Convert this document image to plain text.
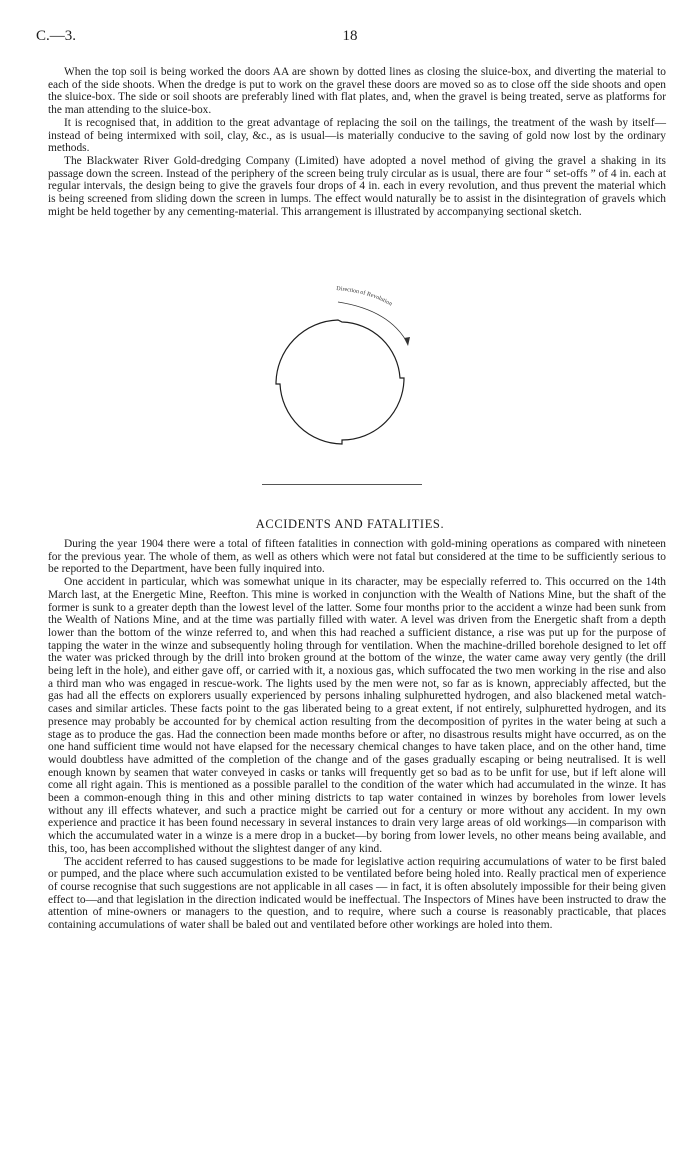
C.—3.	18

When the top soil is being worked the doors AA are shown by dotted lines as closing the sluice-box, and diverting the material to each of the side shoots. When the dredge is put to work on the gravel these doors are moved so as to close off the side shoots and open the sluice-box. The side or soil shoots are preferably lined with flat plates, and, when the gravel is being treated, serve as platforms for the man attending to the sluice-box.

It is recognised that, in addition to the great advantage of replacing the soil on the tailings, the treatment of the wash by itself—instead of being intermixed with soil, clay, &c., as is usual—is materially conducive to the saving of gold now lost by the ordinary methods.

The Blackwater River Gold-dredging Company (Limited) have adopted a novel method of giving the gravel a shaking in its passage down the screen. Instead of the periphery of the screen being truly circular as is usual, there are four “ set-offs ” of 4 in. each at regular intervals, the design being to give the gravels four drops of 4 in. each in every revolution, and thus prevent the material which is being screened from sliding down the screen in lumps. The effect would naturally be to assist in the disintegration of gravels which might be held together by any cementing-material. This arrangement is illustrated by accompanying sectional sketch.

Direction of Revolution
ACCIDENTS AND FATALITIES.

During the year 1904 there were a total of fifteen fatalities in connection with gold-mining operations as compared with nineteen for the previous year. The whole of them, as well as others which were not fatal but considered at the time to be sufficiently serious to be reported to the Department, have been fully inquired into.

One accident in particular, which was somewhat unique in its character, may be especially referred to. This occurred on the 14th March last, at the Energetic Mine, Reefton. This mine is worked in conjunction with the Wealth of Nations Mine, but the shaft of the former is sunk to a greater depth than the lowest level of the latter. Some four months prior to the accident a winze had been sunk from the Wealth of Nations Mine, and at the time was partially filled with water. A level was driven from the Energetic shaft from a depth lower than the bottom of the winze referred to, and when this had reached a sufficient distance, a rise was put up for the purpose of tapping the water in the winze and subsequently holing through for ventilation. When the machine-drilled borehole designed to let off the water was pricked through by the drill into broken ground at the bottom of the winze, the water came away very gently (the drill being left in the hole), and either gave off, or carried with it, a noxious gas, which suffocated the two men working in the rise and also a third man who was engaged in rescue-work. The lights used by the men were not, so far as is known, appreciably affected, but the gas had all the effects on explorers usually experienced by persons inhaling sulphuretted hydrogen, and also blackened metal watch-cases and similar articles. These facts point to the gas liberated being to a great extent, if not entirely, sulphuretted hydrogen, and its presence may probably be accounted for by chemical action resulting from the decomposition of pyrites in the water being at such a stage as to produce the gas. Had the connection been made months before or after, no disastrous results might have occurred, as on the one hand sufficient time would not have elapsed for the necessary chemical changes to have taken place, and on the other hand, time would doubtless have admitted of the completion of the change and of the gases gradually escaping or being neutralised. It is well enough known by seamen that water conveyed in casks or tanks will frequently get so bad as to be unfit for use, but if left alone will come all right again. This is mentioned as a possible parallel to the condition of the water which had accumulated in the winze. It has been a common-enough thing in this and other mining districts to tap water contained in winzes by boreholes from lower levels without any ill effects whatever, and such a practice might be carried out for a century or more without any accident. In my own experience and practice it has been found necessary in several instances to drain very large areas of old workings—in comparison with which the accumulated water in a winze is a mere drop in a bucket—by boring from lower levels, no other means being available, and this, too, has been accomplished without the slightest danger of any kind.

The accident referred to has caused suggestions to be made for legislative action requiring accumulations of water to be first baled or pumped, and the place where such accumulation existed to be ventilated before being holed into. Really practical men of experience of course recognise that such suggestions are not applicable in all cases — in fact, it is often absolutely impossible for their being given effect to—and that legislation in the direction indicated would be ineffectual. The Inspectors of Mines have been instructed to draw the attention of mine-owners or managers to the question, and to require, where such a course is reasonably practicable, that places containing accumulations of water shall be baled out and ventilated before other workings are holed into them.
